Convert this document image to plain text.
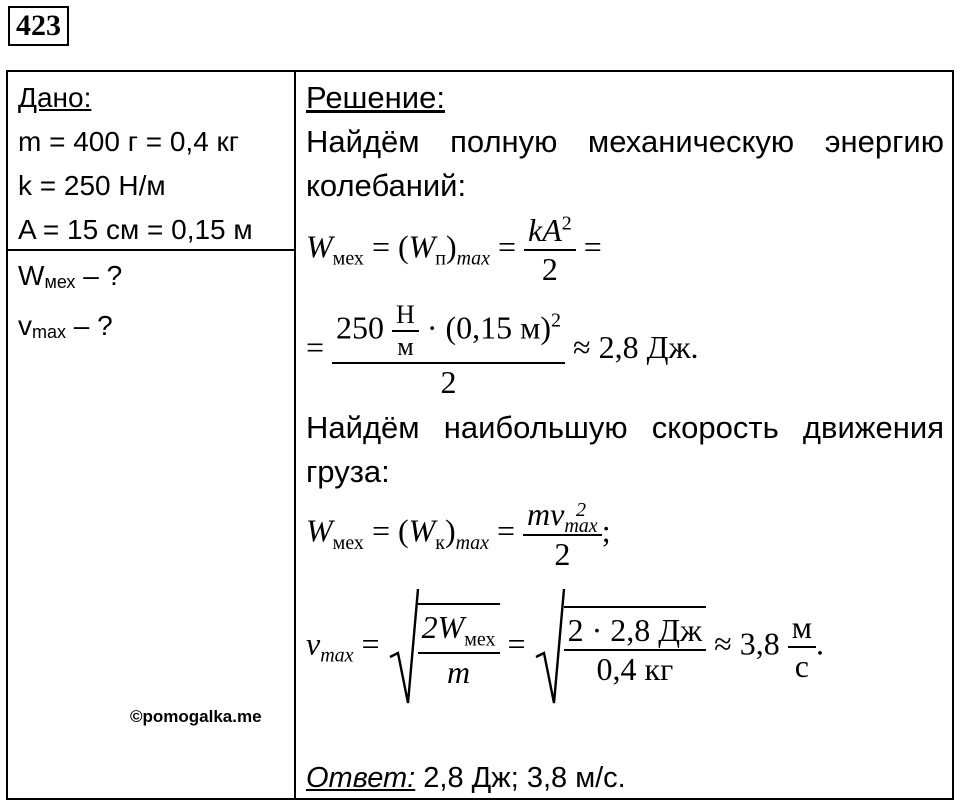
423
Дано:
m = 400 г = 0,4 кг
k = 250 Н/м
A = 15 см = 0,15 м
$W_{мех}$ – ?
$v_{max}$ – ?
©pomogalka.me
Решение:
Найдём полную механическую энергию
колебаний:
$W_{мех} = (W_п)_{max} = \frac{kA^2}{2}$ =
= $\frac{250 \frac{Н}{м} \cdot (0,15 м)^2}{2} \approx 2,8$ Дж.
Найдём наибольшую скорость движения
груза:
$W_{мех} = (W_к)_{max}$ = mv 2
max
2 ;
$v_{max} = \frac{2W_{мех}}{m} = \frac{2 \cdot 2,8 Дж}{0,4 кг} \approx 3,8 \frac{м}{с}$ .
Ответ: 2,8 Дж; 3,8 м/с.
